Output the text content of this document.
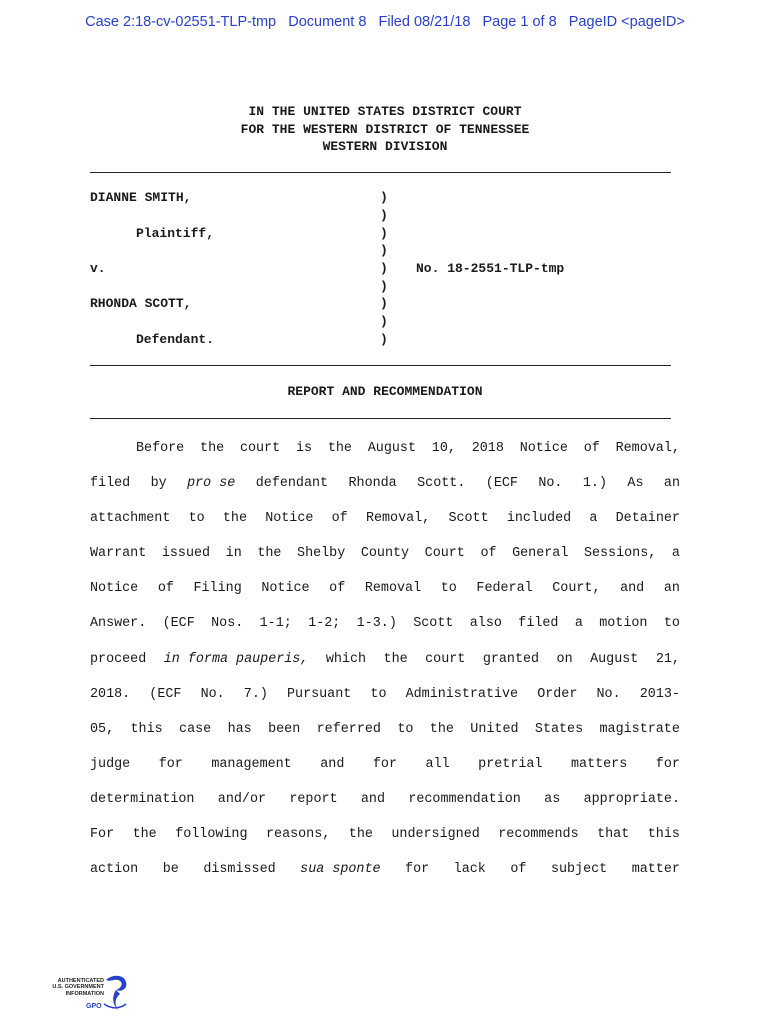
Case 2:18-cv-02551-TLP-tmp Document 8 Filed 08/21/18 Page 1 of 8 PageID <pageID>
IN THE UNITED STATES DISTRICT COURT
FOR THE WESTERN DISTRICT OF TENNESSEE
WESTERN DIVISION
DIANNE SMITH,
Plaintiff,
v.	No. 18-2551-TLP-tmp
RHONDA SCOTT,
Defendant.
)
)
)
)
)
)
)
)
)
REPORT AND RECOMMENDATION
Before the court is the August 10, 2018 Notice of Removal,
filed by pro se defendant Rhonda Scott. (ECF No. 1.) As an
attachment to the Notice of Removal, Scott included a Detainer
Warrant issued in the Shelby County Court of General Sessions, a
Notice of Filing Notice of Removal to Federal Court, and an
Answer. (ECF Nos. 1-1; 1-2; 1-3.) Scott also filed a motion to
proceed in forma pauperis, which the court granted on August 21,
2018. (ECF No. 7.) Pursuant to Administrative Order No. 2013-
05, this case has been referred to the United States magistrate
judge for management and for all pretrial matters for
determination and/or report and recommendation as appropriate.
For the following reasons, the undersigned recommends that this
action be dismissed sua sponte for lack of subject matter
AUTHENTICATED
U.S. GOVERNMENT
INFORMATION
GPO
